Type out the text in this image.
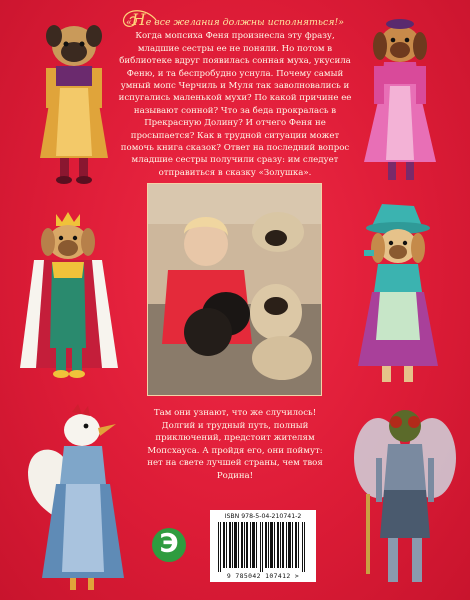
«Не все желания должны исполняться!»
Когда мопсиха Феня произнесла эту фразу, младшие сестры ее не поняли. Но потом в библиотеке вдруг появилась сонная муха, укусила Феню, и та беспробудно уснула. Почему самый умный мопс Черчиль и Муля так заволновались и испугались маленькой мухи? По какой причине ее называют сонной? Что за беда прокралась в Прекрасную Долину? И отчего Феня не просыпается? Как в трудной ситуации может помочь книга сказок? Ответ на последний вопрос младшие сестры получили сразу: им следует отправиться в сказку «Золушка».
Там они узнают, что же случилось! Долгий и трудный путь, полный приключений, предстоит жителям Мопсхауса. А пройдя его, они поймут: нет на свете лучшей страны, чем твоя Родина!
Э
ISBN 978-5-04-210741-2
9 785042 107412 >
